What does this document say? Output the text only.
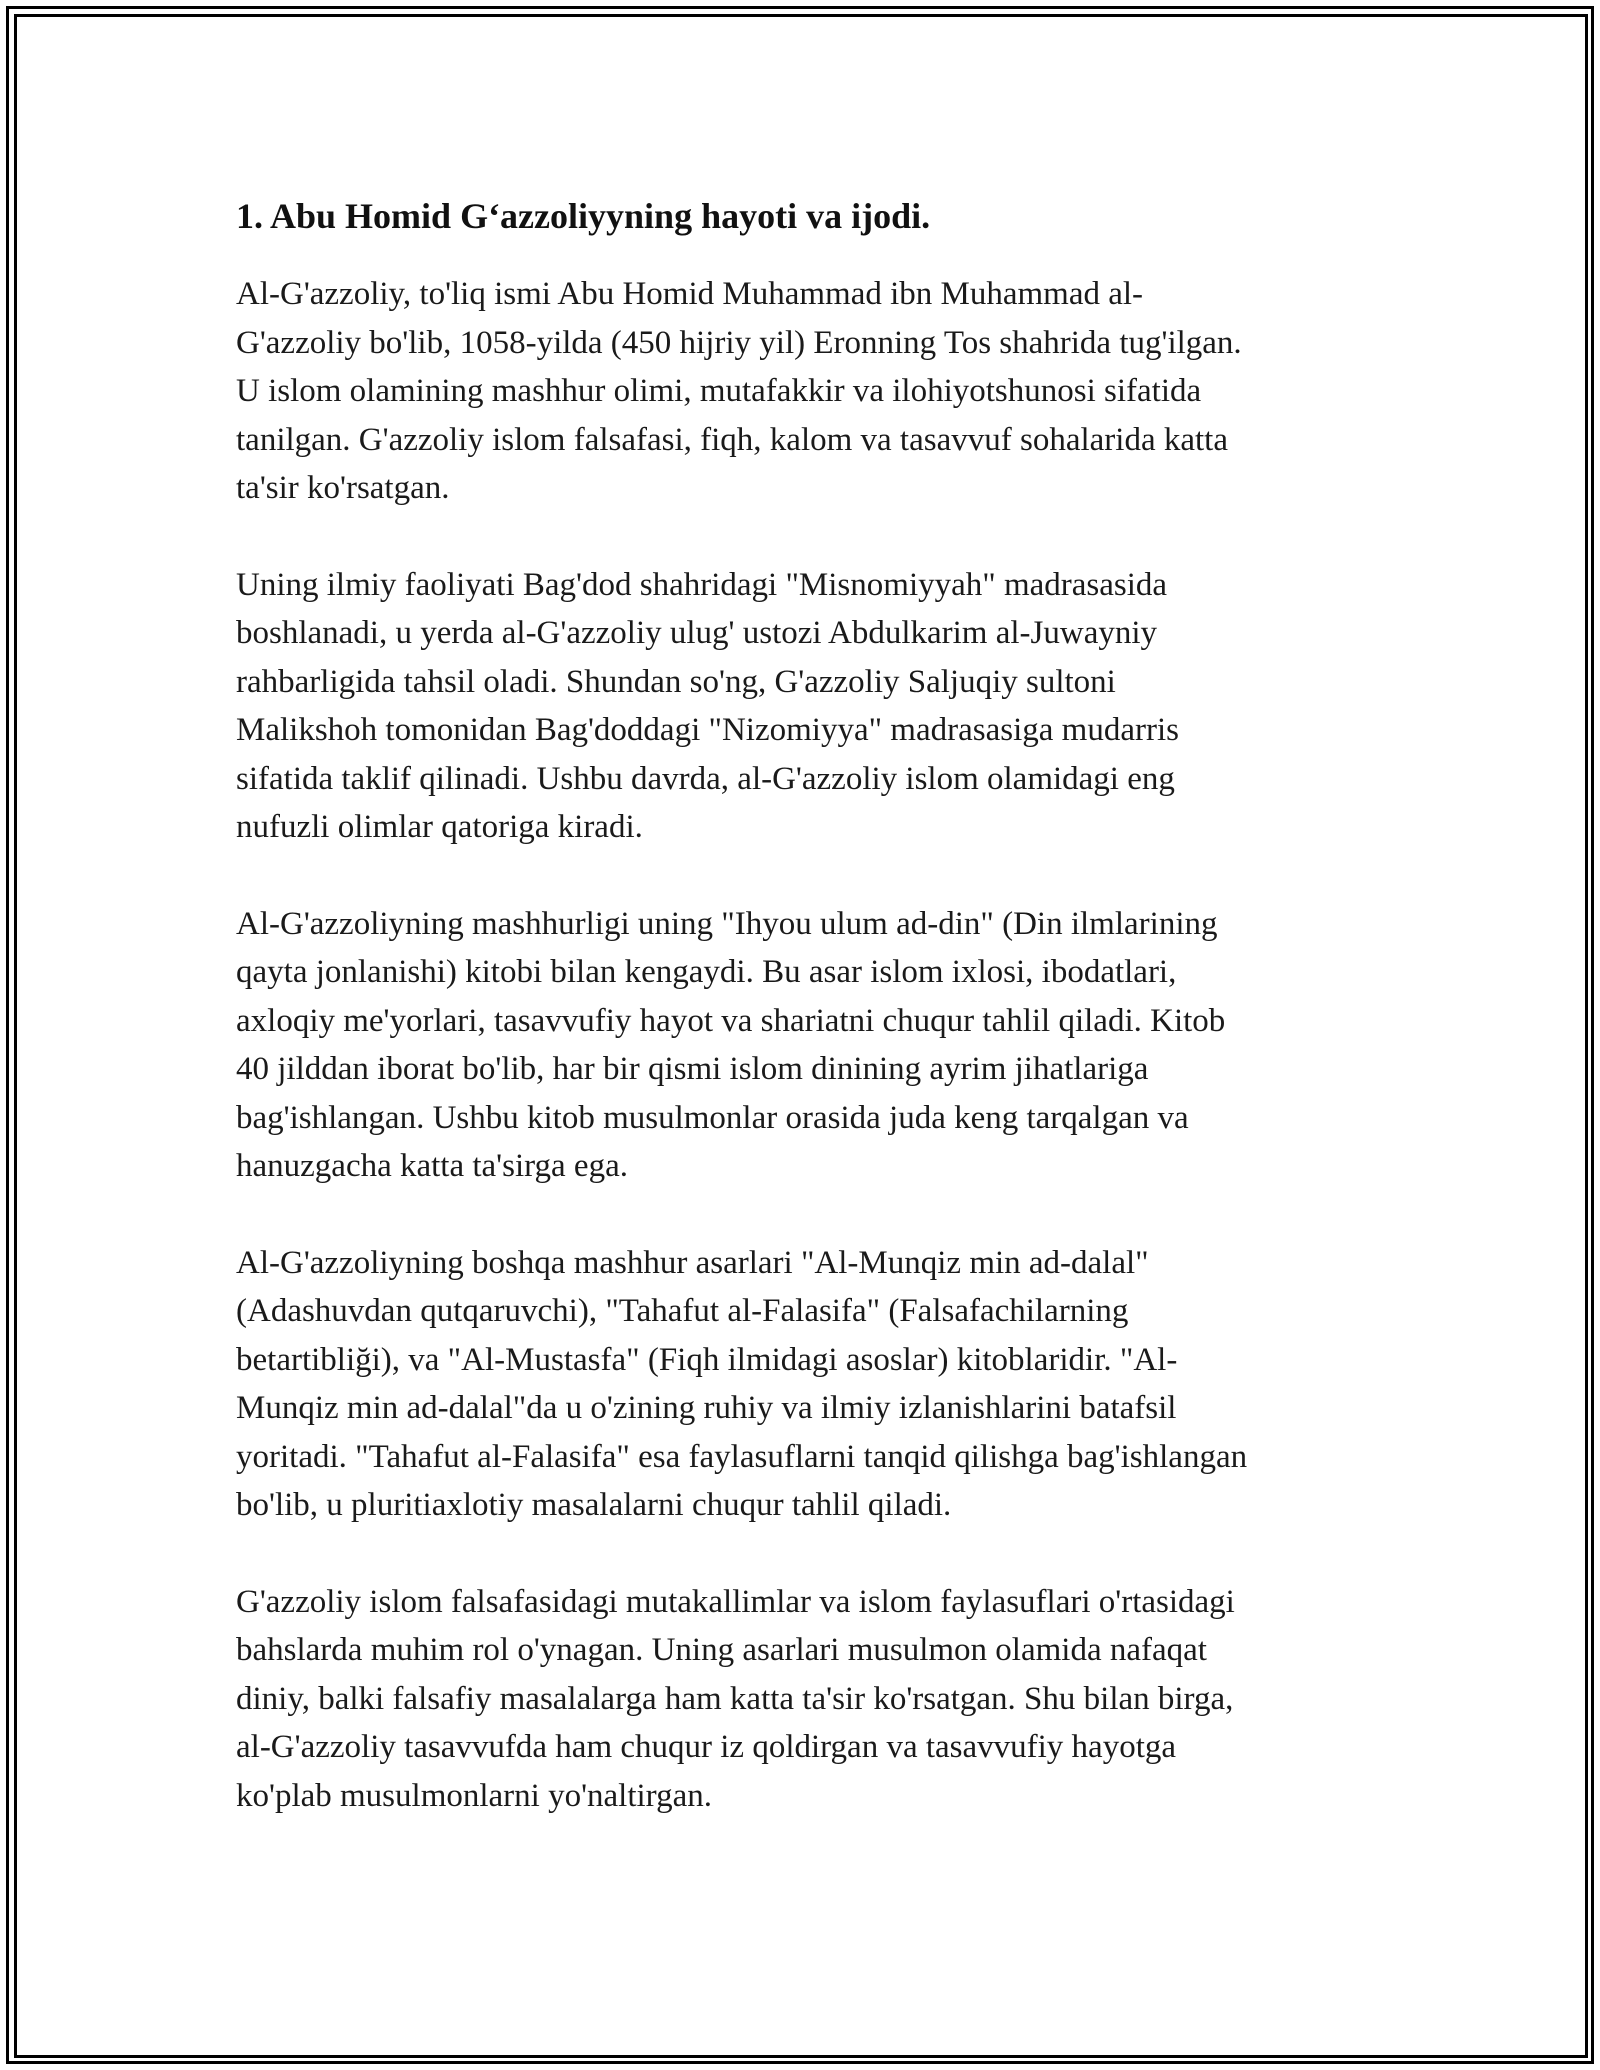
1. Abu Homid G‘azzoliyyning hayoti va ijodi.

Al-G'azzoliy, to'liq ismi Abu Homid Muhammad ibn Muhammad al-
G'azzoliy bo'lib, 1058-yilda (450 hijriy yil) Eronning Tos shahrida tug'ilgan.
U islom olamining mashhur olimi, mutafakkir va ilohiyotshunosi sifatida
tanilgan. G'azzoliy islom falsafasi, fiqh, kalom va tasavvuf sohalarida katta
ta'sir ko'rsatgan.

Uning ilmiy faoliyati Bag'dod shahridagi "Misnomiyyah" madrasasida
boshlanadi, u yerda al-G'azzoliy ulug' ustozi Abdulkarim al-Juwayniy
rahbarligida tahsil oladi. Shundan so'ng, G'azzoliy Saljuqiy sultoni
Malikshoh tomonidan Bag'doddagi "Nizomiyya" madrasasiga mudarris
sifatida taklif qilinadi. Ushbu davrda, al-G'azzoliy islom olamidagi eng
nufuzli olimlar qatoriga kiradi.

Al-G'azzoliyning mashhurligi uning "Ihyou ulum ad-din" (Din ilmlarining
qayta jonlanishi) kitobi bilan kengaydi. Bu asar islom ixlosi, ibodatlari,
axloqiy me'yorlari, tasavvufiy hayot va shariatni chuqur tahlil qiladi. Kitob
40 jilddan iborat bo'lib, har bir qismi islom dinining ayrim jihatlariga
bag'ishlangan. Ushbu kitob musulmonlar orasida juda keng tarqalgan va
hanuzgacha katta ta'sirga ega.

Al-G'azzoliyning boshqa mashhur asarlari "Al-Munqiz min ad-dalal"
(Adashuvdan qutqaruvchi), "Tahafut al-Falasifa" (Falsafachilarning
betartibliği), va "Al-Mustasfa" (Fiqh ilmidagi asoslar) kitoblaridir. "Al-
Munqiz min ad-dalal"da u o'zining ruhiy va ilmiy izlanishlarini batafsil
yoritadi. "Tahafut al-Falasifa" esa faylasuflarni tanqid qilishga bag'ishlangan
bo'lib, u pluritiaxlotiy masalalarni chuqur tahlil qiladi.

G'azzoliy islom falsafasidagi mutakallimlar va islom faylasuflari o'rtasidagi
bahslarda muhim rol o'ynagan. Uning asarlari musulmon olamida nafaqat
diniy, balki falsafiy masalalarga ham katta ta'sir ko'rsatgan. Shu bilan birga,
al-G'azzoliy tasavvufda ham chuqur iz qoldirgan va tasavvufiy hayotga
ko'plab musulmonlarni yo'naltirgan.
